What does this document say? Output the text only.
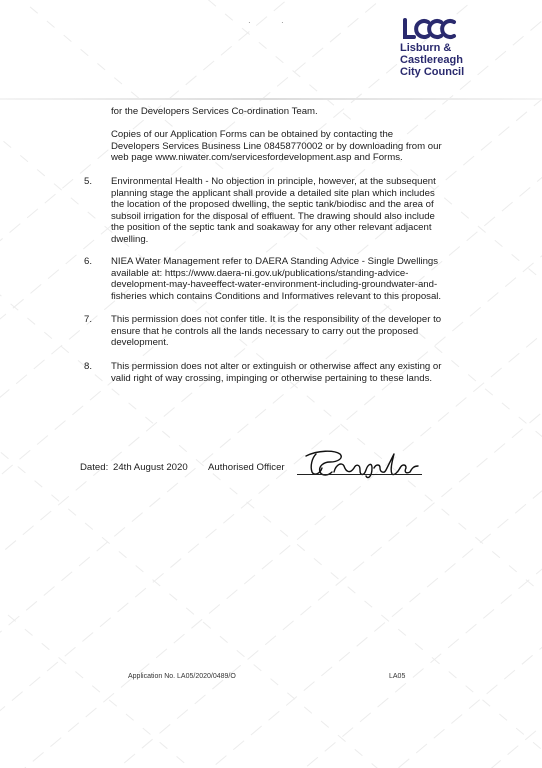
·	·
Lisburn &
Castlereagh
City Council
for the Developers Services Co-ordination Team.
Copies of our Application Forms can be obtained by contacting the
Developers Services Business Line 08458770002 or by downloading from our
web page www.niwater.com/servicesfordevelopment.asp and Forms.
5. Environmental Health - No objection in principle, however, at the subsequent
planning stage the applicant shall provide a detailed site plan which includes
the location of the proposed dwelling, the septic tank/biodisc and the area of
subsoil irrigation for the disposal of effluent. The drawing should also include
the position of the septic tank and soakaway for any other relevant adjacent
dwelling.
6. NIEA Water Management refer to DAERA Standing Advice - Single Dwellings
available at: https://www.daera-ni.gov.uk/publications/standing-advice-
development-may-haveeffect-water-environment-including-groundwater-and-
fisheries which contains Conditions and Informatives relevant to this proposal.
7. This permission does not confer title. It is the responsibility of the developer to
ensure that he controls all the lands necessary to carry out the proposed
development.
8. This permission does not alter or extinguish or otherwise affect any existing or
valid right of way crossing, impinging or otherwise pertaining to these lands.
Dated: 24th August 2020 Authorised Officer
Application No. LA05/2020/0489/O	LA05
